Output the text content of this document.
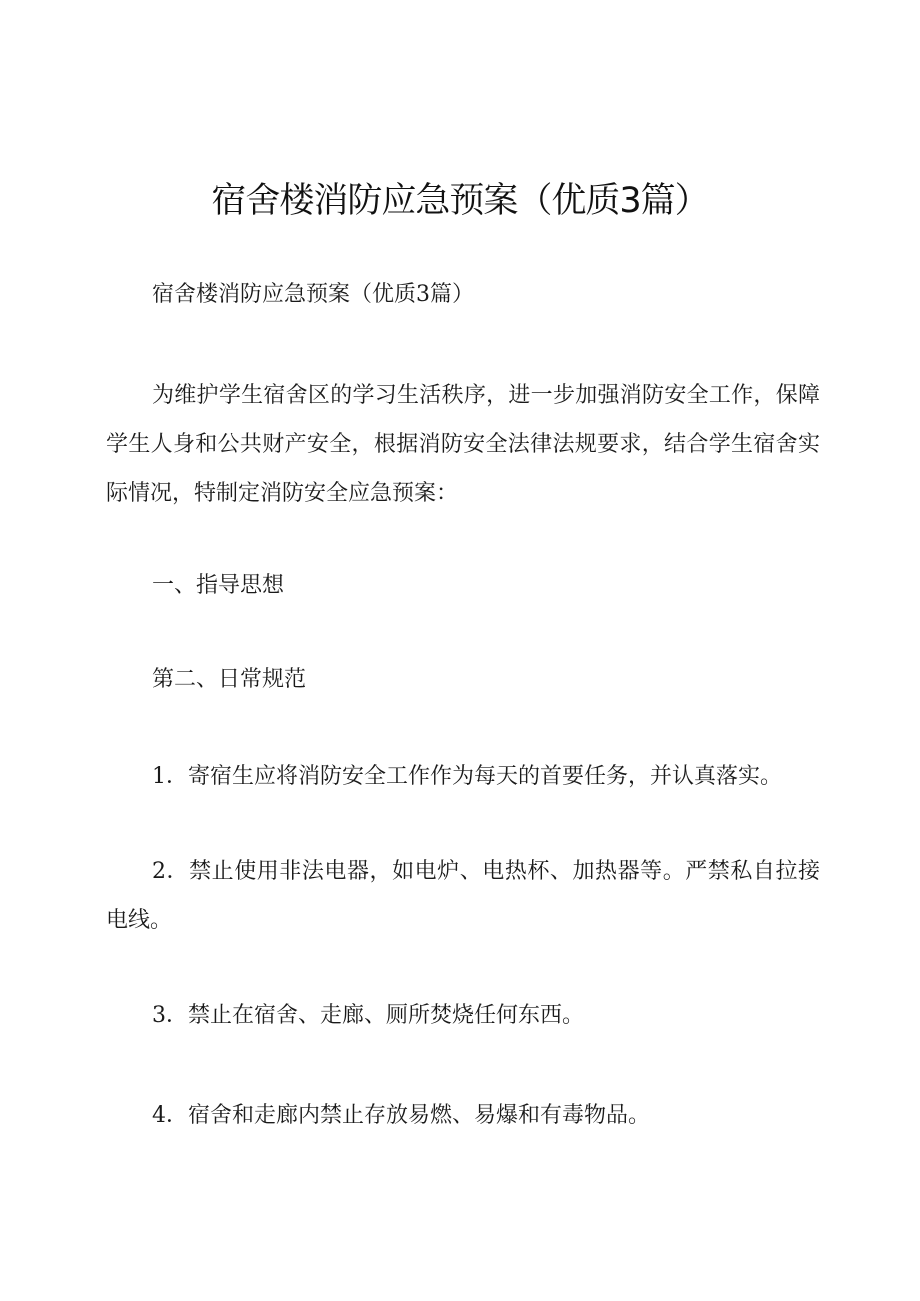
宿舍楼消防应急预案（优质3篇）

宿舍楼消防应急预案（优质3篇）

为维护学生宿舍区的学习生活秩序，进一步加强消防安全工作，保障学生人身和公共财产安全，根据消防安全法律法规要求，结合学生宿舍实际情况，特制定消防安全应急预案：

一、指导思想

第二、日常规范

1．寄宿生应将消防安全工作作为每天的首要任务，并认真落实。

2．禁止使用非法电器，如电炉、电热杯、加热器等。严禁私自拉接电线。

3．禁止在宿舍、走廊、厕所焚烧任何东西。

4．宿舍和走廊内禁止存放易燃、易爆和有毒物品。
